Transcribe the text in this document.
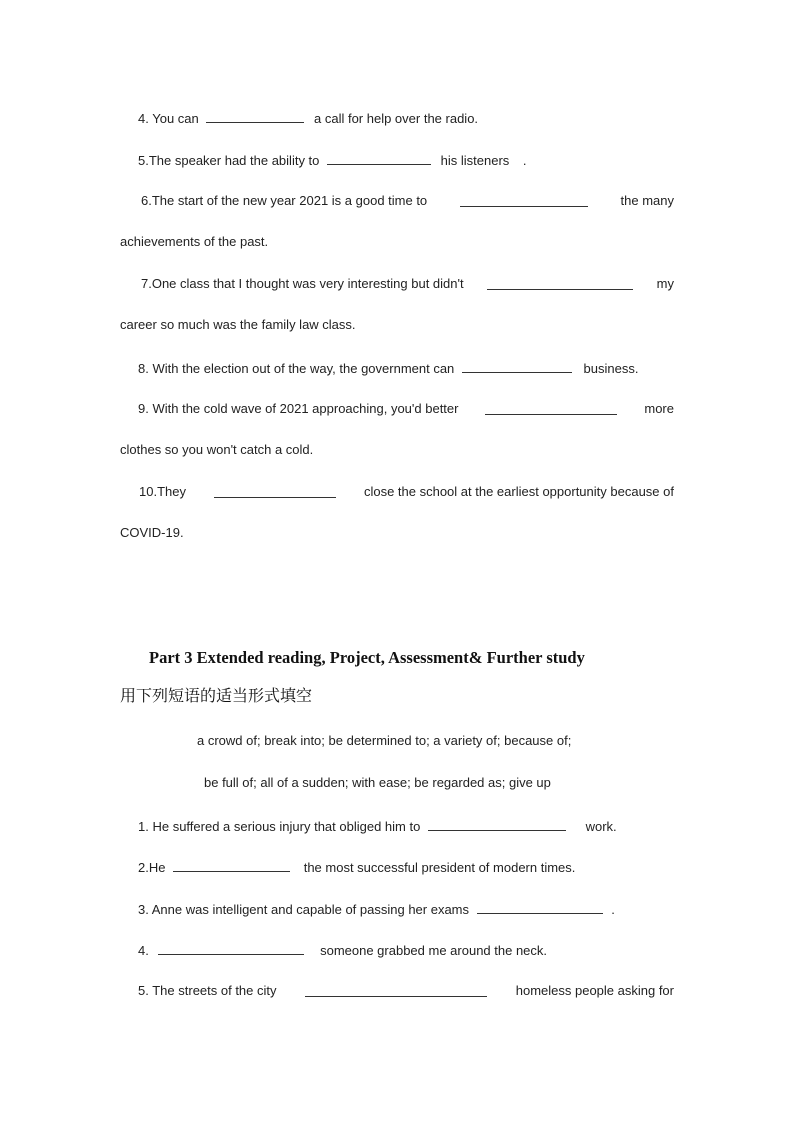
4. You can	a call for help over the radio.
5.The speaker had the ability to	his listeners .
6.The start of the new year 2021 is a good time to	the many
achievements of the past.
7.One class that I thought was very interesting but didn't	my
career so much was the family law class.
8. With the election out of the way, the government can	business.
9. With the cold wave of 2021 approaching, you'd better	more
clothes so you won't catch a cold.
10.They	close the school at the earliest opportunity because of
COVID-19.
Part 3 Extended reading, Project, Assessment& Further study
用下列短语的适当形式填空
a crowd of; break into; be determined to; a variety of; because of;
be full of; all of a sudden; with ease; be regarded as; give up
1. He suffered a serious injury that obliged him to	work.
2.He	the most successful president of modern times.
3. Anne was intelligent and capable of passing her exams	.
4.	someone grabbed me around the neck.
5. The streets of the city	homeless people asking for
